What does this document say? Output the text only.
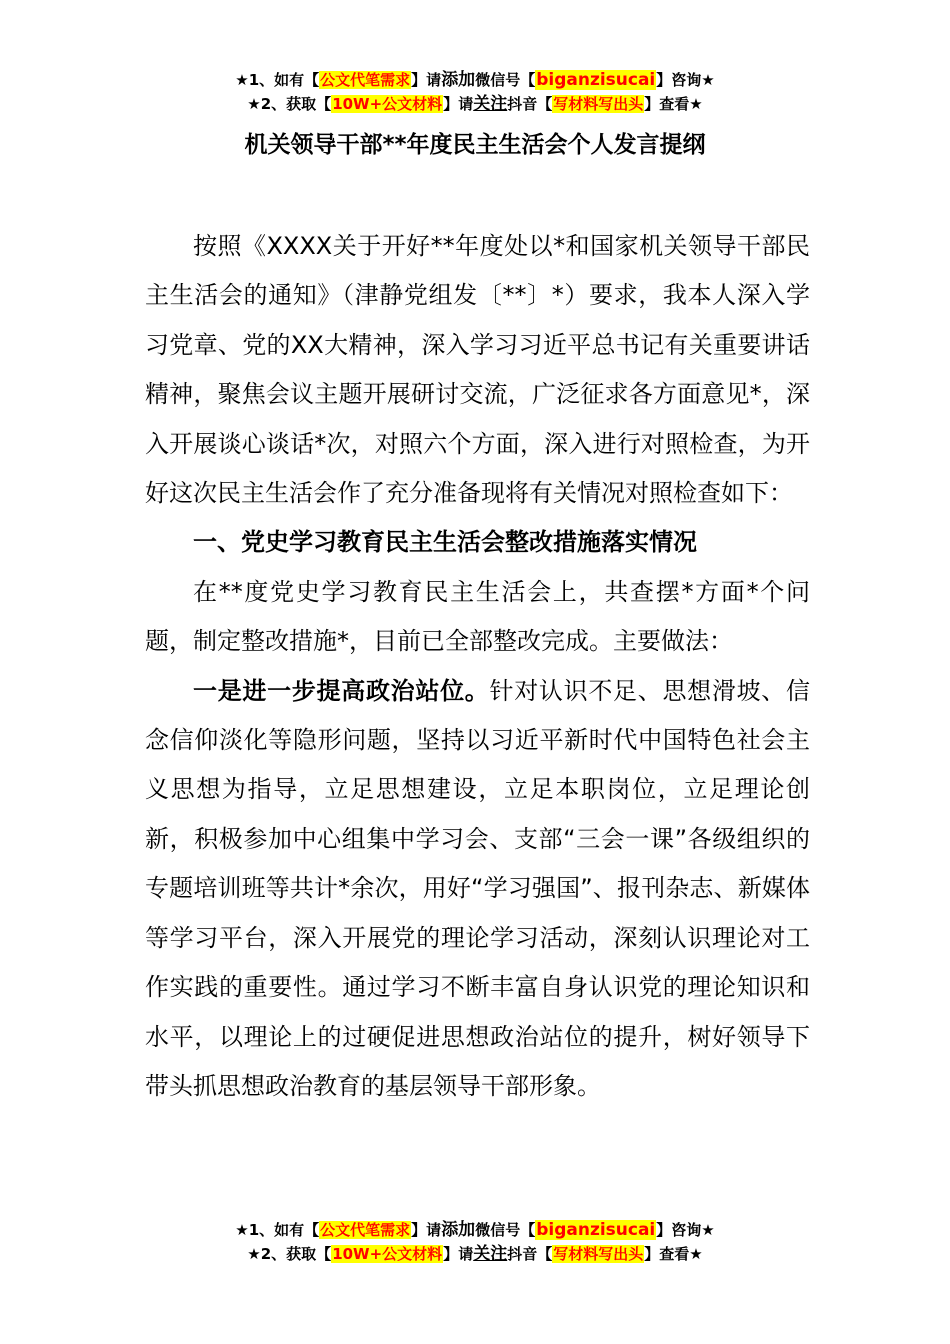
★1、如有【公文代笔需求】请添加微信号【biganzisucai】咨询★
★2、获取【10W+公文材料】请关注抖音【写材料写出头】查看★
机关领导干部**年度民主生活会个人发言提纲

按照《XXXX关于开好**年度处以*和国家机关领导干部民主生活会的通知》（津静党组发〔**〕*）要求，我本人深入学习党章、党的XX大精神，深入学习习近平总书记有关重要讲话精神，聚焦会议主题开展研讨交流，广泛征求各方面意见*，深入开展谈心谈话*次，对照六个方面，深入进行对照检查，为开好这次民主生活会作了充分准备现将有关情况对照检查如下：

一、党史学习教育民主生活会整改措施落实情况

在**度党史学习教育民主生活会上，共查摆*方面*个问题，制定整改措施*，目前已全部整改完成。主要做法：

一是进一步提高政治站位。针对认识不足、思想滑坡、信念信仰淡化等隐形问题，坚持以习近平新时代中国特色社会主义思想为指导，立足思想建设，立足本职岗位，立足理论创新，积极参加中心组集中学习会、支部“三会一课”各级组织的专题培训班等共计*余次，用好“学习强国”、报刊杂志、新媒体等学习平台，深入开展党的理论学习活动，深刻认识理论对工作实践的重要性。通过学习不断丰富自身认识党的理论知识和水平，以理论上的过硬促进思想政治站位的提升，树好领导下带头抓思想政治教育的基层领导干部形象。

★1、如有【公文代笔需求】请添加微信号【biganzisucai】咨询★
★2、获取【10W+公文材料】请关注抖音【写材料写出头】查看★
